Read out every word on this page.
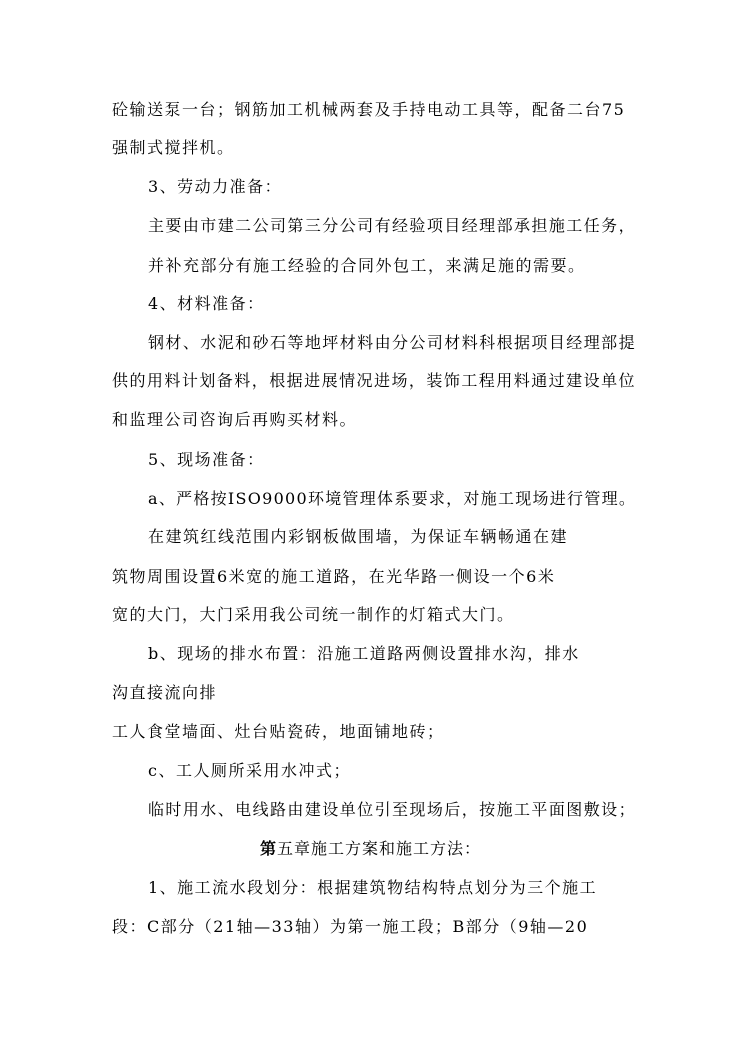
砼输送泵一台；钢筋加工机械两套及手持电动工具等，配备二台75
强制式搅拌机。
3、劳动力准备：
主要由市建二公司第三分公司有经验项目经理部承担施工任务，
并补充部分有施工经验的合同外包工，来满足施的需要。
4、材料准备：
钢材、水泥和砂石等地坪材料由分公司材料科根据项目经理部提
供的用料计划备料，根据进展情况进场，装饰工程用料通过建设单位
和监理公司咨询后再购买材料。
5、现场准备：
a、严格按ISO9000环境管理体系要求，对施工现场进行管理。
在建筑红线范围内彩钢板做围墙，为保证车辆畅通在建
筑物周围设置6米宽的施工道路，在光华路一侧设一个6米
宽的大门，大门采用我公司统一制作的灯箱式大门。
b、现场的排水布置：沿施工道路两侧设置排水沟，排水
沟直接流向排
工人食堂墙面、灶台贴瓷砖，地面铺地砖；
c、工人厕所采用水冲式；
临时用水、电线路由建设单位引至现场后，按施工平面图敷设；
第五章施工方案和施工方法：
1、施工流水段划分：根据建筑物结构特点划分为三个施工
段：C部分（21轴—33轴）为第一施工段；B部分（9轴—20
